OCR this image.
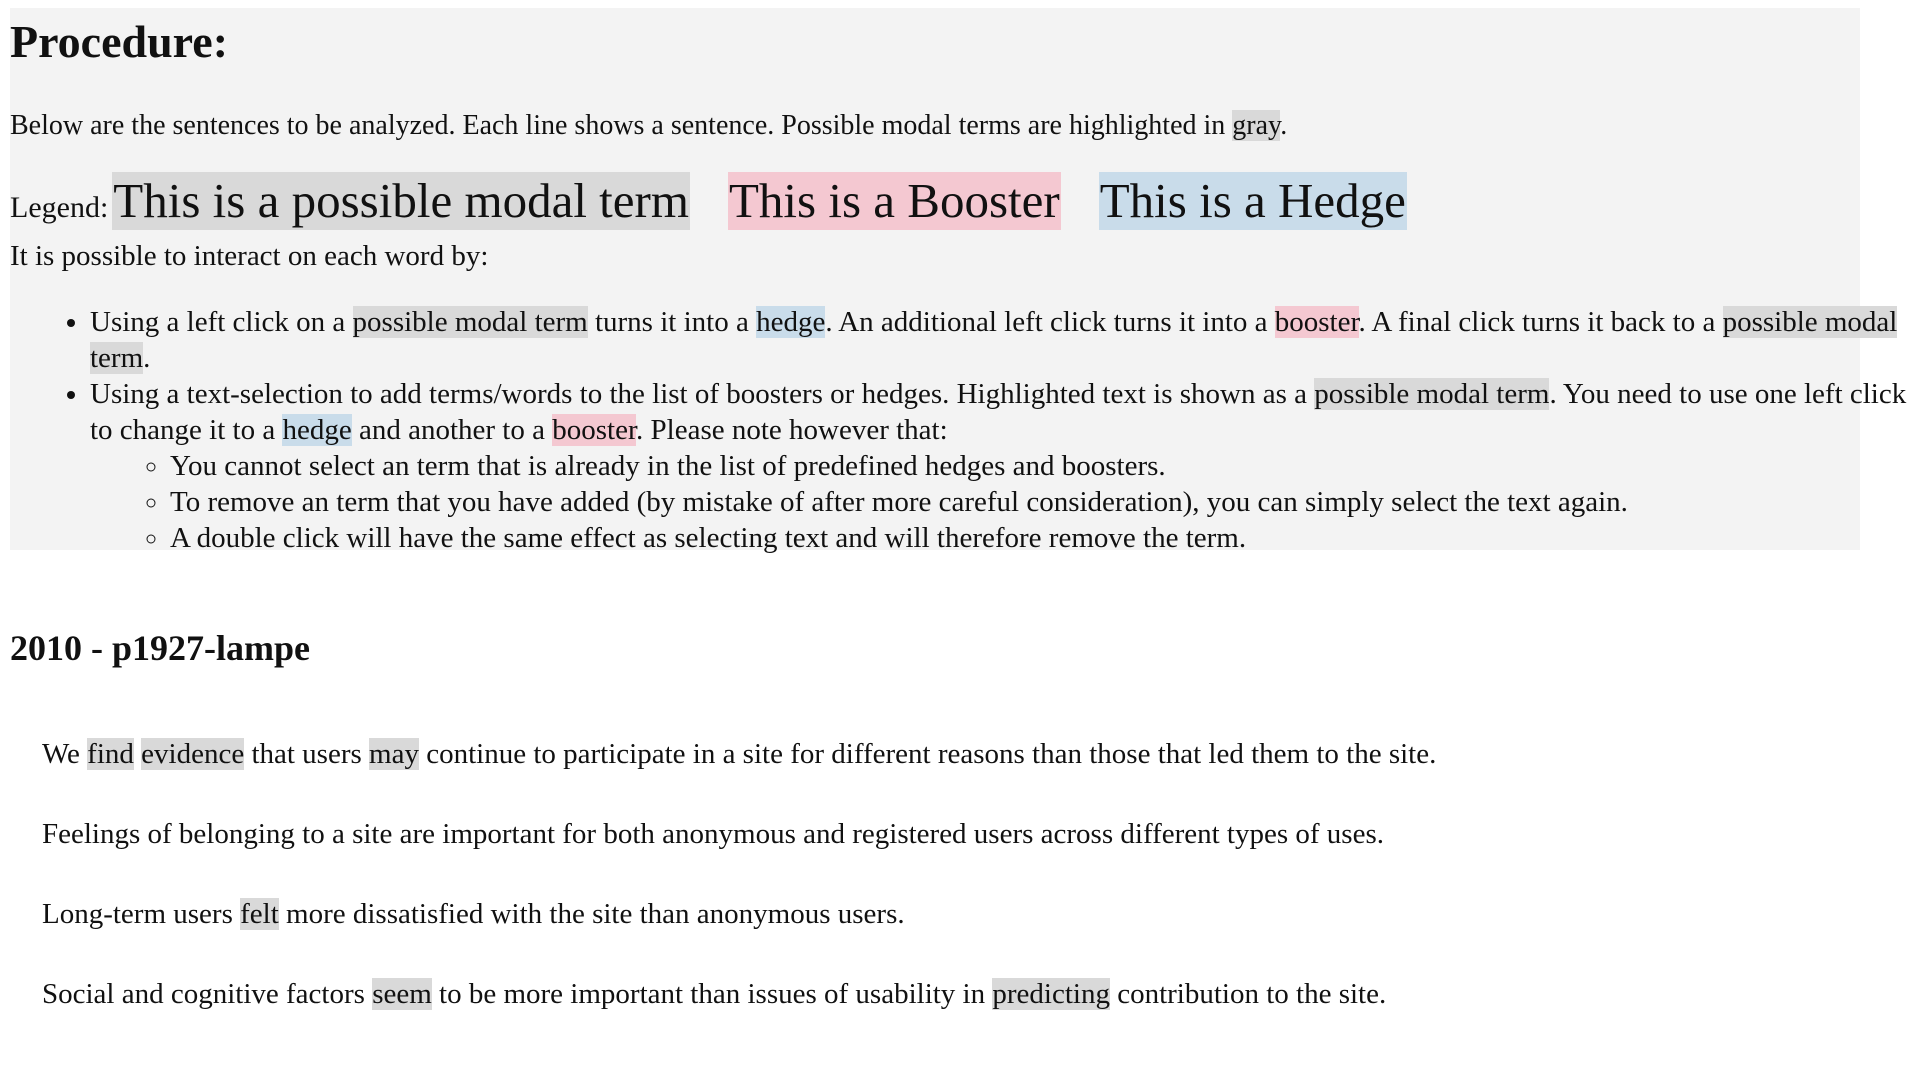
Procedure:

Below are the sentences to be analyzed. Each line shows a sentence. Possible modal terms are highlighted in gray.

Legend: This is a possible modal term This is a Booster This is a Hedge

It is possible to interact on each word by:

• Using a left click on a possible modal term turns it into a hedge. An additional left click turns it into a booster. A final click turns it back to a possible modal term.
• Using a text-selection to add terms/words to the list of boosters or hedges. Highlighted text is shown as a possible modal term. You need to use one left click to change it to a hedge and another to a booster. Please note however that:
◦ You cannot select an term that is already in the list of predefined hedges and boosters.
◦ To remove an term that you have added (by mistake of after more careful consideration), you can simply select the text again.
◦ A double click will have the same effect as selecting text and will therefore remove the term.
2010 - p1927-lampe

We find evidence that users may continue to participate in a site for different reasons than those that led them to the site.

Feelings of belonging to a site are important for both anonymous and registered users across different types of uses.

Long-term users felt more dissatisfied with the site than anonymous users.

Social and cognitive factors seem to be more important than issues of usability in predicting contribution to the site.
